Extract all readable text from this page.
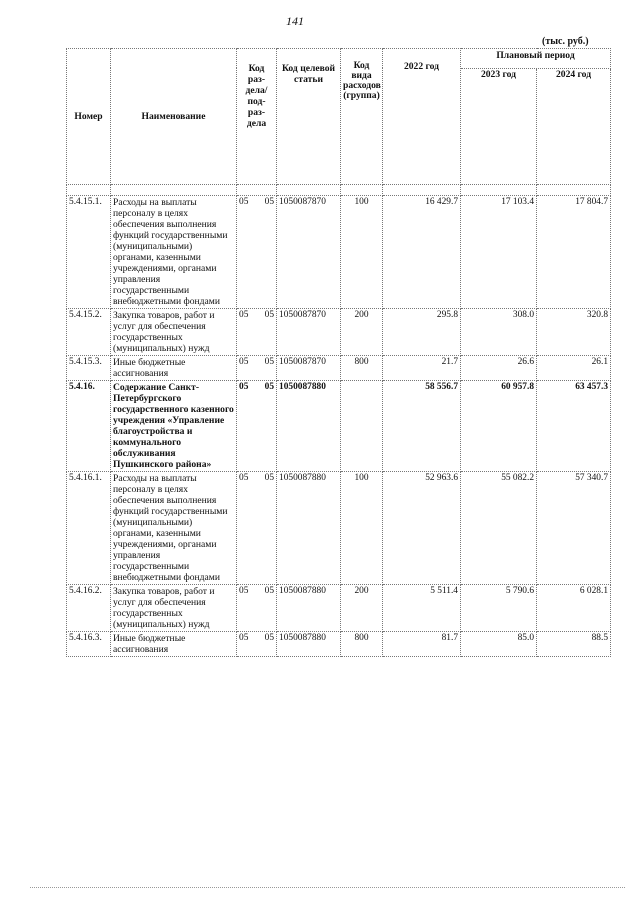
141
(тыс. руб.)
Номер	Наименование	Код раз-дела/ под-раз-дела	Код целевой статьи	Код вида расходов (группа)	2022 год	Плановый период	
						2023 год	2024 год

5.4.15.1.	Расходы на выплаты персоналу в целях обеспечения выполнения функций государственными (муниципальными) органами, казенными учреждениями, органами управления государственными внебюджетными фондами	05 05	1050087870	100	16 429.7	17 103.4	17 804.7
5.4.15.2.	Закупка товаров, работ и услуг для обеспечения государственных (муниципальных) нужд	05 05	1050087870	200	295.8	308.0	320.8
5.4.15.3.	Иные бюджетные ассигнования	05 05	1050087870	800	21.7	26.6	26.1
5.4.16.	Содержание Санкт-Петербургского государственного казенного учреждения «Управление благоустройства и коммунального обслуживания Пушкинского района»	05 05	1050087880		58 556.7	60 957.8	63 457.3
5.4.16.1.	Расходы на выплаты персоналу в целях обеспечения выполнения функций государственными (муниципальными) органами, казенными учреждениями, органами управления государственными внебюджетными фондами	05 05	1050087880	100	52 963.6	55 082.2	57 340.7
5.4.16.2.	Закупка товаров, работ и услуг для обеспечения государственных (муниципальных) нужд	05 05	1050087880	200	5 511.4	5 790.6	6 028.1
5.4.16.3.	Иные бюджетные ассигнования	05 05	1050087880	800	81.7	85.0	88.5
